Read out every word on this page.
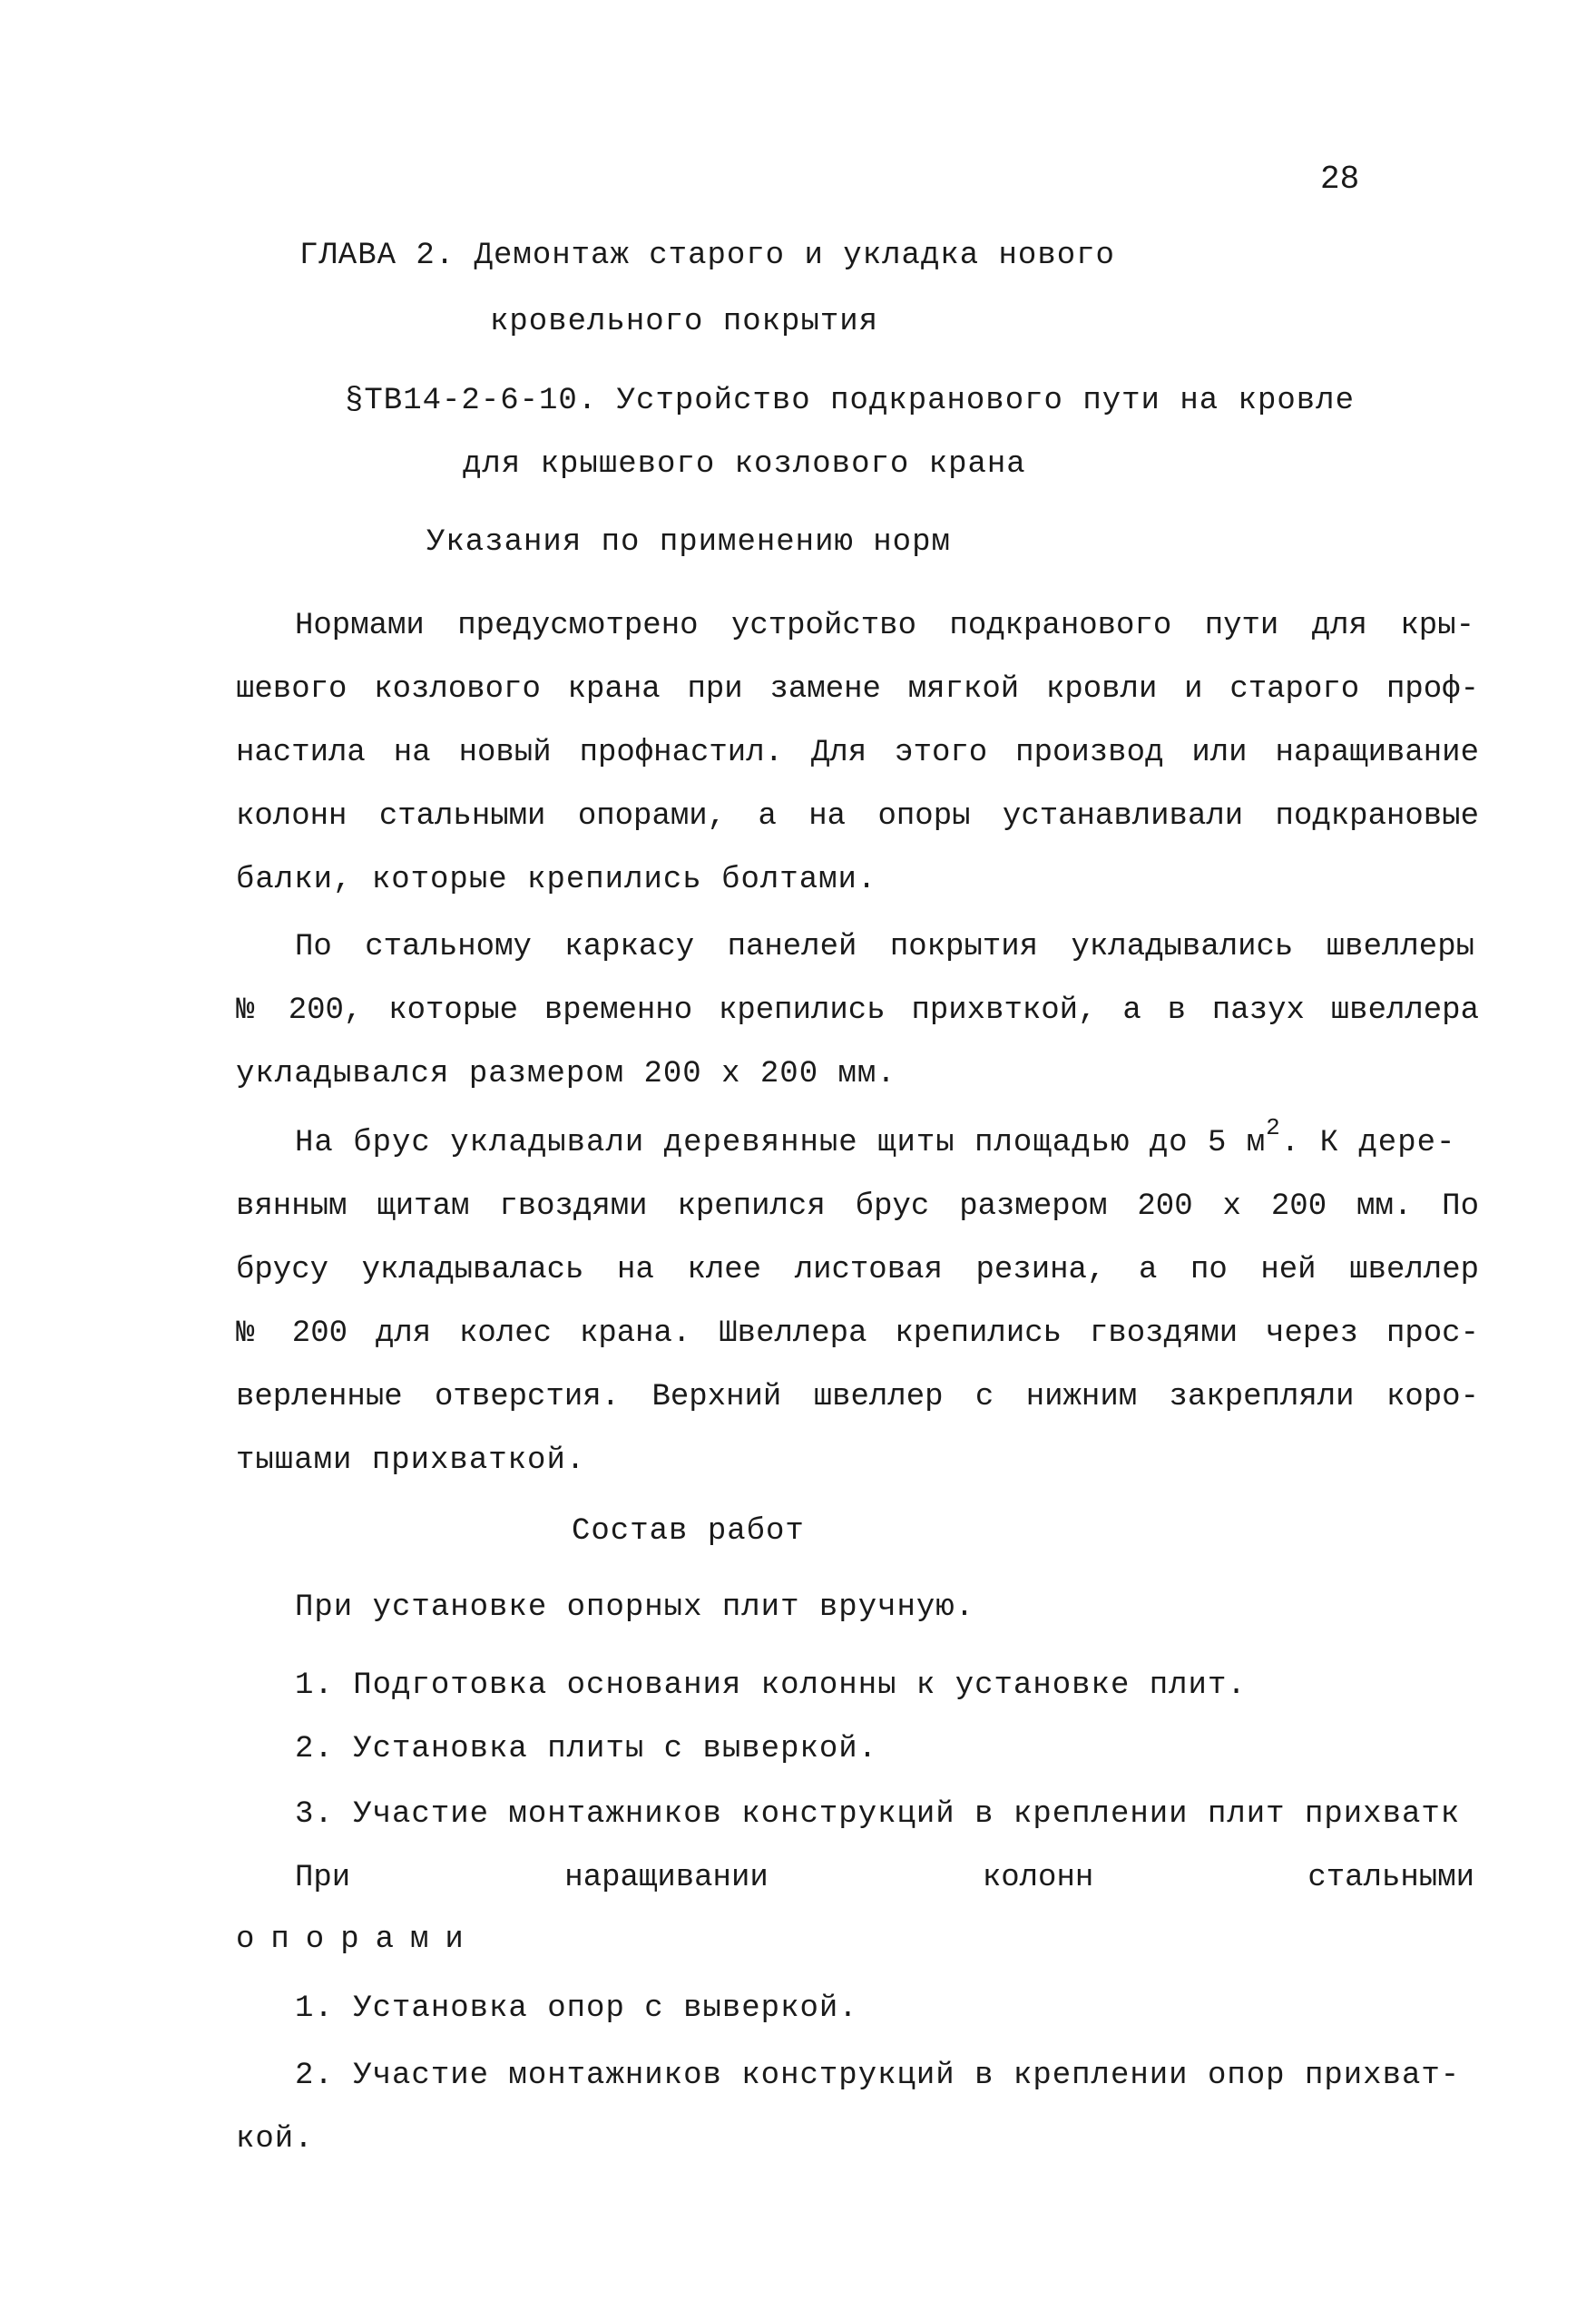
28
ГЛАВА 2. Демонтаж старого и укладка нового
кровельного покрытия
§ТВ14-2-6-10. Устройство подкранового пути на кровле
для крышевого козлового крана
Указания по применению норм
Нормами предусмотрено устройство подкранового пути для кры-
шевого козлового крана при замене мягкой кровли и старого проф-
настила на новый профнастил. Для этого производ или наращивание
колонн стальными опорами, а на опоры устанавливали подкрановые
балки, которые крепились болтами.
По стальному каркасу панелей покрытия укладывались швеллеры
№ 200, которые временно крепились прихвткой, а в пазух швеллера
укладывался размером 200 х 200 мм.
На брус укладывали деревянные щиты площадью до 5 $м^2$. К дере-
вянным щитам гвоздями крепился брус размером 200 х 200 мм. По
брусу укладывалась на клее листовая резина, а по ней швеллер
№ 200 для колес крана. Швеллера крепились гвоздями через прос-
верленные отверстия. Верхний швеллер с нижним закрепляли коро-
тышами прихваткой.
Состав работ
При установке опорных плит вручную.
1. Подготовка основания колонны к установке плит.
2. Установка плиты с выверкой.
3. Участие монтажников конструкций в креплении плит прихватк
При наращивании колонн стальными
опорами
1. Установка опор с выверкой.
2. Участие монтажников конструкций в креплении опор прихват-
кой.
